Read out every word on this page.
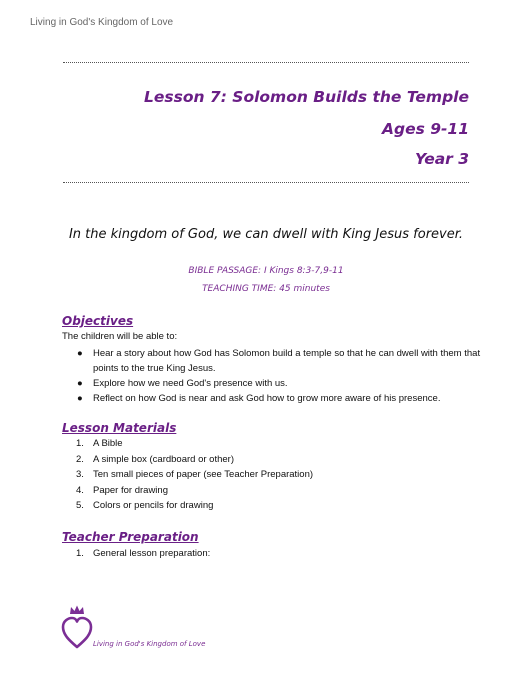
Living in God's Kingdom of Love
Lesson 7: Solomon Builds the Temple
Ages 9-11
Year 3
In the kingdom of God, we can dwell with King Jesus forever.
BIBLE PASSAGE: I Kings 8:3-7,9-11
TEACHING TIME: 45 minutes
Objectives
The children will be able to:
● Hear a story about how God has Solomon build a temple so that he can dwell with them that points to the true King Jesus.
● Explore how we need God's presence with us.
● Reflect on how God is near and ask God how to grow more aware of his presence.
Lesson Materials
1. A Bible
2. A simple box (cardboard or other)
3. Ten small pieces of paper (see Teacher Preparation)
4. Paper for drawing
5. Colors or pencils for drawing
Teacher Preparation
1. General lesson preparation:
Living in God's Kingdom of Love
